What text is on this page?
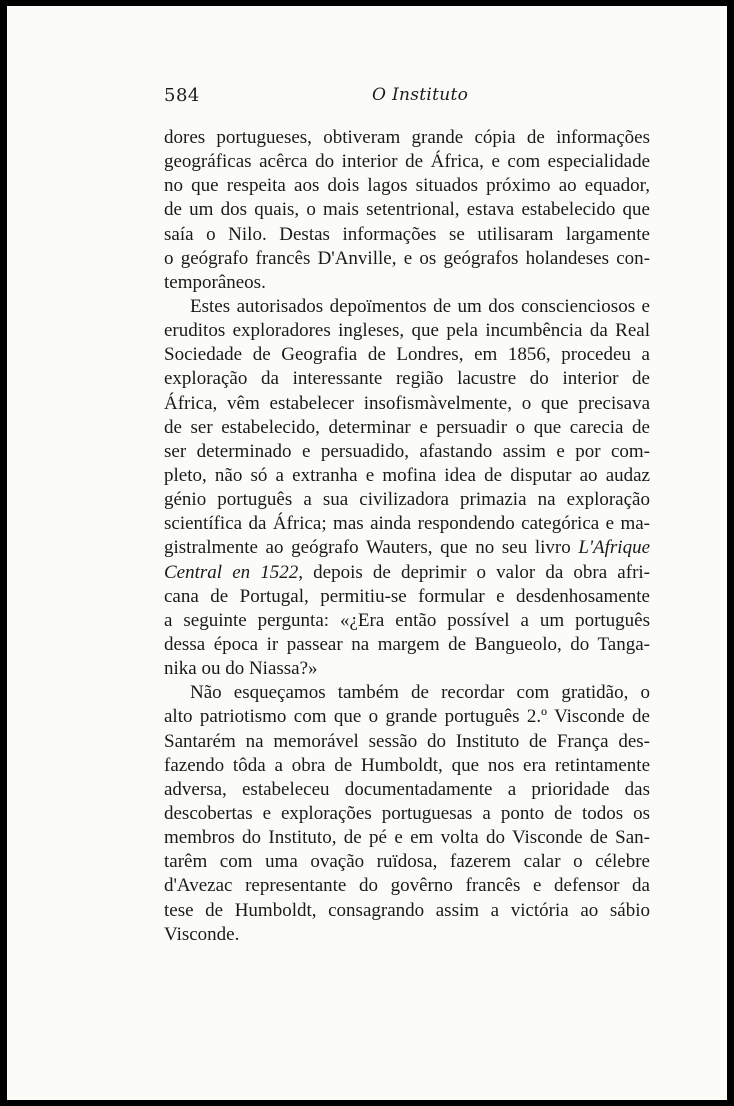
584	O Instituto
dores portugueses, obtiveram grande cópia de informações
geográficas acêrca do interior de África, e com especialidade
no que respeita aos dois lagos situados próximo ao equador,
de um dos quais, o mais setentrional, estava estabelecido que
saía o Nilo. Destas informações se utilisaram largamente
o geógrafo francês D'Anville, e os geógrafos holandeses con-
temporâneos.
Estes autorisados depoïmentos de um dos conscienciosos e
eruditos exploradores ingleses, que pela incumbência da Real
Sociedade de Geografia de Londres, em 1856, procedeu a
exploração da interessante região lacustre do interior de
África, vêm estabelecer insofismàvelmente, o que precisava
de ser estabelecido, determinar e persuadir o que carecia de
ser determinado e persuadido, afastando assim e por com-
pleto, não só a extranha e mofina idea de disputar ao audaz
génio português a sua civilizadora primazia na exploração
scientífica da África; mas ainda respondendo categórica e ma-
gistralmente ao geógrafo Wauters, que no seu livro L'Afrique
Central en 1522, depois de deprimir o valor da obra afri-
cana de Portugal, permitiu-se formular e desdenhosamente
a seguinte pergunta: «¿Era então possível a um português
dessa época ir passear na margem de Bangueolo, do Tanga-
nika ou do Niassa?»
Não esqueçamos também de recordar com gratidão, o
alto patriotismo com que o grande português 2.º Visconde de
Santarém na memorável sessão do Instituto de França des-
fazendo tôda a obra de Humboldt, que nos era retintamente
adversa, estabeleceu documentadamente a prioridade das
descobertas e explorações portuguesas a ponto de todos os
membros do Instituto, de pé e em volta do Visconde de San-
tarêm com uma ovação ruïdosa, fazerem calar o célebre
d'Avezac representante do govêrno francês e defensor da
tese de Humboldt, consagrando assim a victória ao sábio
Visconde.
